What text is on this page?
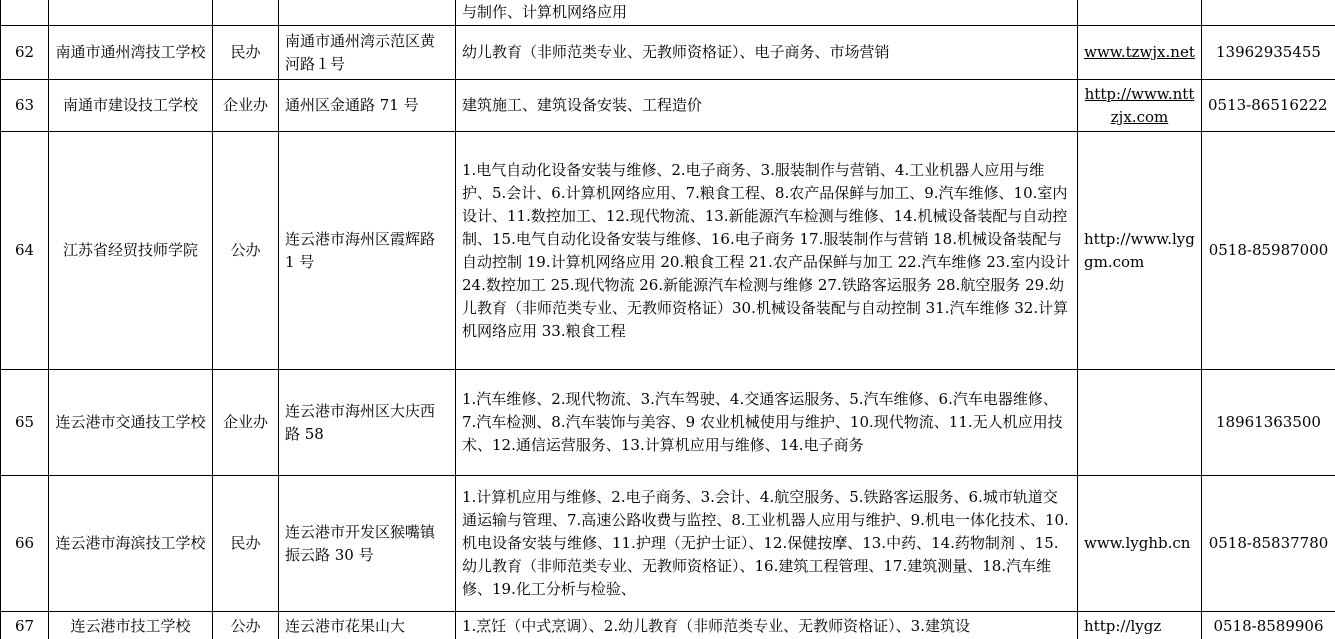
				与制作、计算机网络应用		
62	南通市通州湾技工学校	民办	南通市通州湾示范区黄河路１号	幼儿教育（非师范类专业、无教师资格证）、电子商务、市场营销	www.tzwjx.net	13962935455
63	南通市建设技工学校	企业办	通州区金通路 71 号	建筑施工、建筑设备安装、工程造价	http://www.nttzjx.com	0513-86516222
64	江苏省经贸技师学院	公办	连云港市海州区霞辉路 1 号	1.电气自动化设备安装与维修、2.电子商务、3.服装制作与营销、4.工业机器人应用与维护、5.会计、6.计算机网络应用、7.粮食工程、8.农产品保鲜与加工、9.汽车维修、10.室内设计、11.数控加工、12.现代物流、13.新能源汽车检测与维修、14.机械设备装配与自动控制、15.电气自动化设备安装与维修、16.电子商务 17.服装制作与营销 18.机械设备装配与自动控制 19.计算机网络应用 20.粮食工程 21.农产品保鲜与加工 22.汽车维修 23.室内设计 24.数控加工 25.现代物流 26.新能源汽车检测与维修 27.铁路客运服务 28.航空服务 29.幼儿教育（非师范类专业、无教师资格证）30.机械设备装配与自动控制 31.汽车维修 32.计算机网络应用 33.粮食工程	http://www.lyggm.com	0518-85987000
65	连云港市交通技工学校	企业办	连云港市海州区大庆西路 58	1.汽车维修、2.现代物流、3.汽车驾驶、4.交通客运服务、5.汽车维修、6.汽车电器维修、7.汽车检测、8.汽车装饰与美容、9 农业机械使用与维护、10.现代物流、11.无人机应用技术、12.通信运营服务、13.计算机应用与维修、14.电子商务		18961363500
66	连云港市海滨技工学校	民办	连云港市开发区猴嘴镇振云路 30 号	1.计算机应用与维修、2.电子商务、3.会计、4.航空服务、5.铁路客运服务、6.城市轨道交通运输与管理、7.高速公路收费与监控、8.工业机器人应用与维护、9.机电一体化技术、10.机电设备安装与维修、11.护理（无护士证）、12.保健按摩、13.中药、14.药物制剂 、15.幼儿教育（非师范类专业、无教师资格证）、16.建筑工程管理、17.建筑测量、18.汽车维修、19.化工分析与检验、	www.lyghb.cn	0518-85837780
67	连云港市技工学校	公办	连云港市花果山大	1.烹饪（中式烹调）、2.幼儿教育（非师范类专业、无教师资格证）、3.建筑设	http://lygz	0518-8589906
